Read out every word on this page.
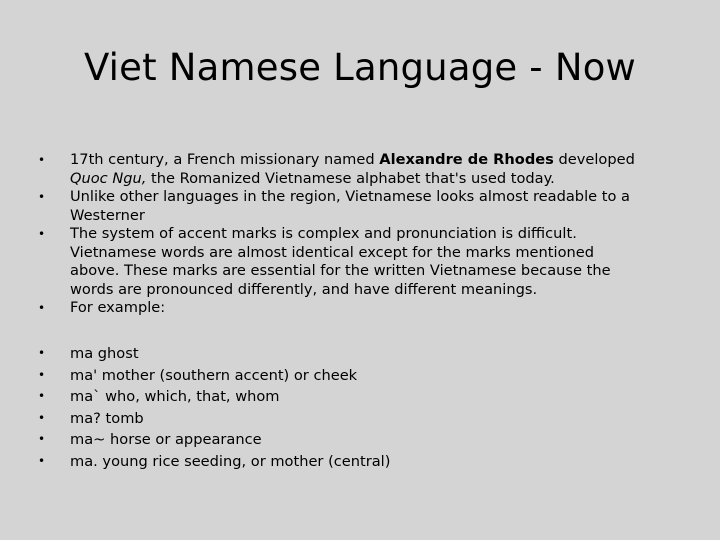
Viet Namese Language - Now
• 17th century, a French missionary named Alexandre de Rhodes developed Quoc Ngu, the Romanized Vietnamese alphabet that's used today.
• Unlike other languages in the region, Vietnamese looks almost readable to a Westerner
• The system of accent marks is complex and pronunciation is difficult. Vietnamese words are almost identical except for the marks mentioned above. These marks are essential for the written Vietnamese because the words are pronounced differently, and have different meanings.
• For example:
• ma ghost
• ma' mother (southern accent) or cheek
• ma` who, which, that, whom
• ma? tomb
• ma~ horse or appearance
• ma. young rice seeding, or mother (central)
